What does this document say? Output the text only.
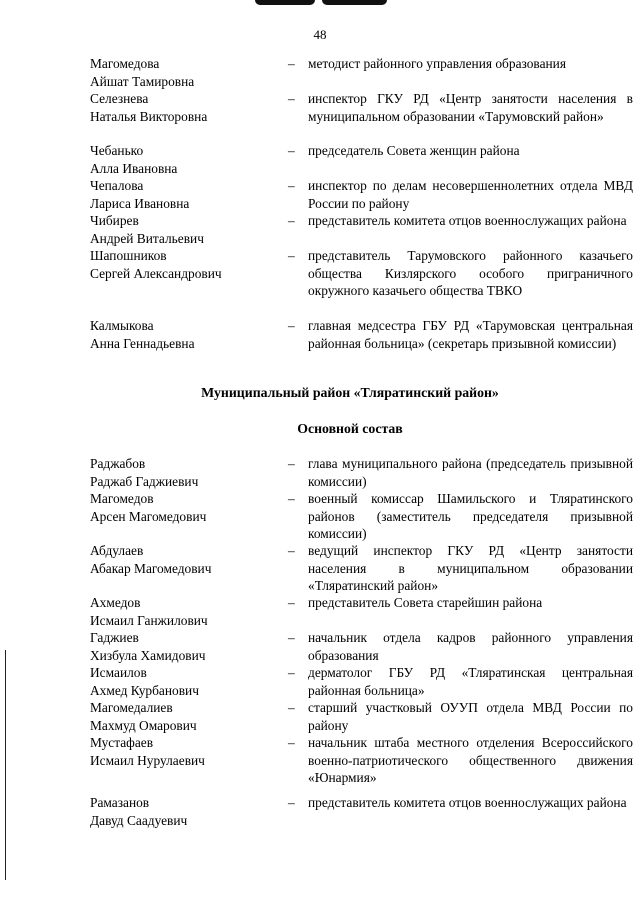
48
Магомедова
Айшат Тамировна
– методист районного управления образования
Селезнева
Наталья Викторовна
– инспектор ГКУ РД «Центр занятости населения в муниципальном образовании «Тарумовский район»
Чебанько
Алла Ивановна
– председатель Совета женщин района
Чепалова
Лариса Ивановна
– инспектор по делам несовершеннолетних отдела МВД России по району
Чибирев
Андрей Витальевич
– представитель комитета отцов военнослужащих района
Шапошников
Сергей Александрович
– представитель Тарумовского районного казачьего общества Кизлярского особого пригpaничного окружного казачьего общества ТВКО
Калмыкова
Анна Геннадьевна
– главная медсестра ГБУ РД «Тарумовская центральная районная больница» (секретарь призывной комиссии)
Муниципальный район «Тляратинский район»
Основной состав
Раджабов
Раджаб Гаджиевич
– глава муниципального района (председатель призывной комиссии)
Магомедов
Арсен Магомедович
– военный комиссар Шамильского и Тляратинского районов (заместитель председателя призывной комиссии)
Абдулаев
Абакар Магомедович
– ведущий инспектор ГКУ РД «Центр занятости населения в муниципальном образовании «Тляратинский район»
Ахмедов
Исмаил Ганжилович
– представитель Совета старейшин района
Гаджиев
Хизбула Хамидович
– начальник отдела кадров районного управления образования
Исмаилов
Ахмед Курбанович
– дерматолог ГБУ РД «Тляратинская центральная районная больница»
Магомедалиев
Махмуд Омарович
– старший участковый ОУУП отдела МВД России по району
Мустафаев
Исмаил Нурулаевич
– начальник штаба местного отделения Всероссийского военно-патриотического общественного движения «Юнармия»
Рамазанов
Давуд Саадуевич
– представитель комитета отцов военнослужащих района
